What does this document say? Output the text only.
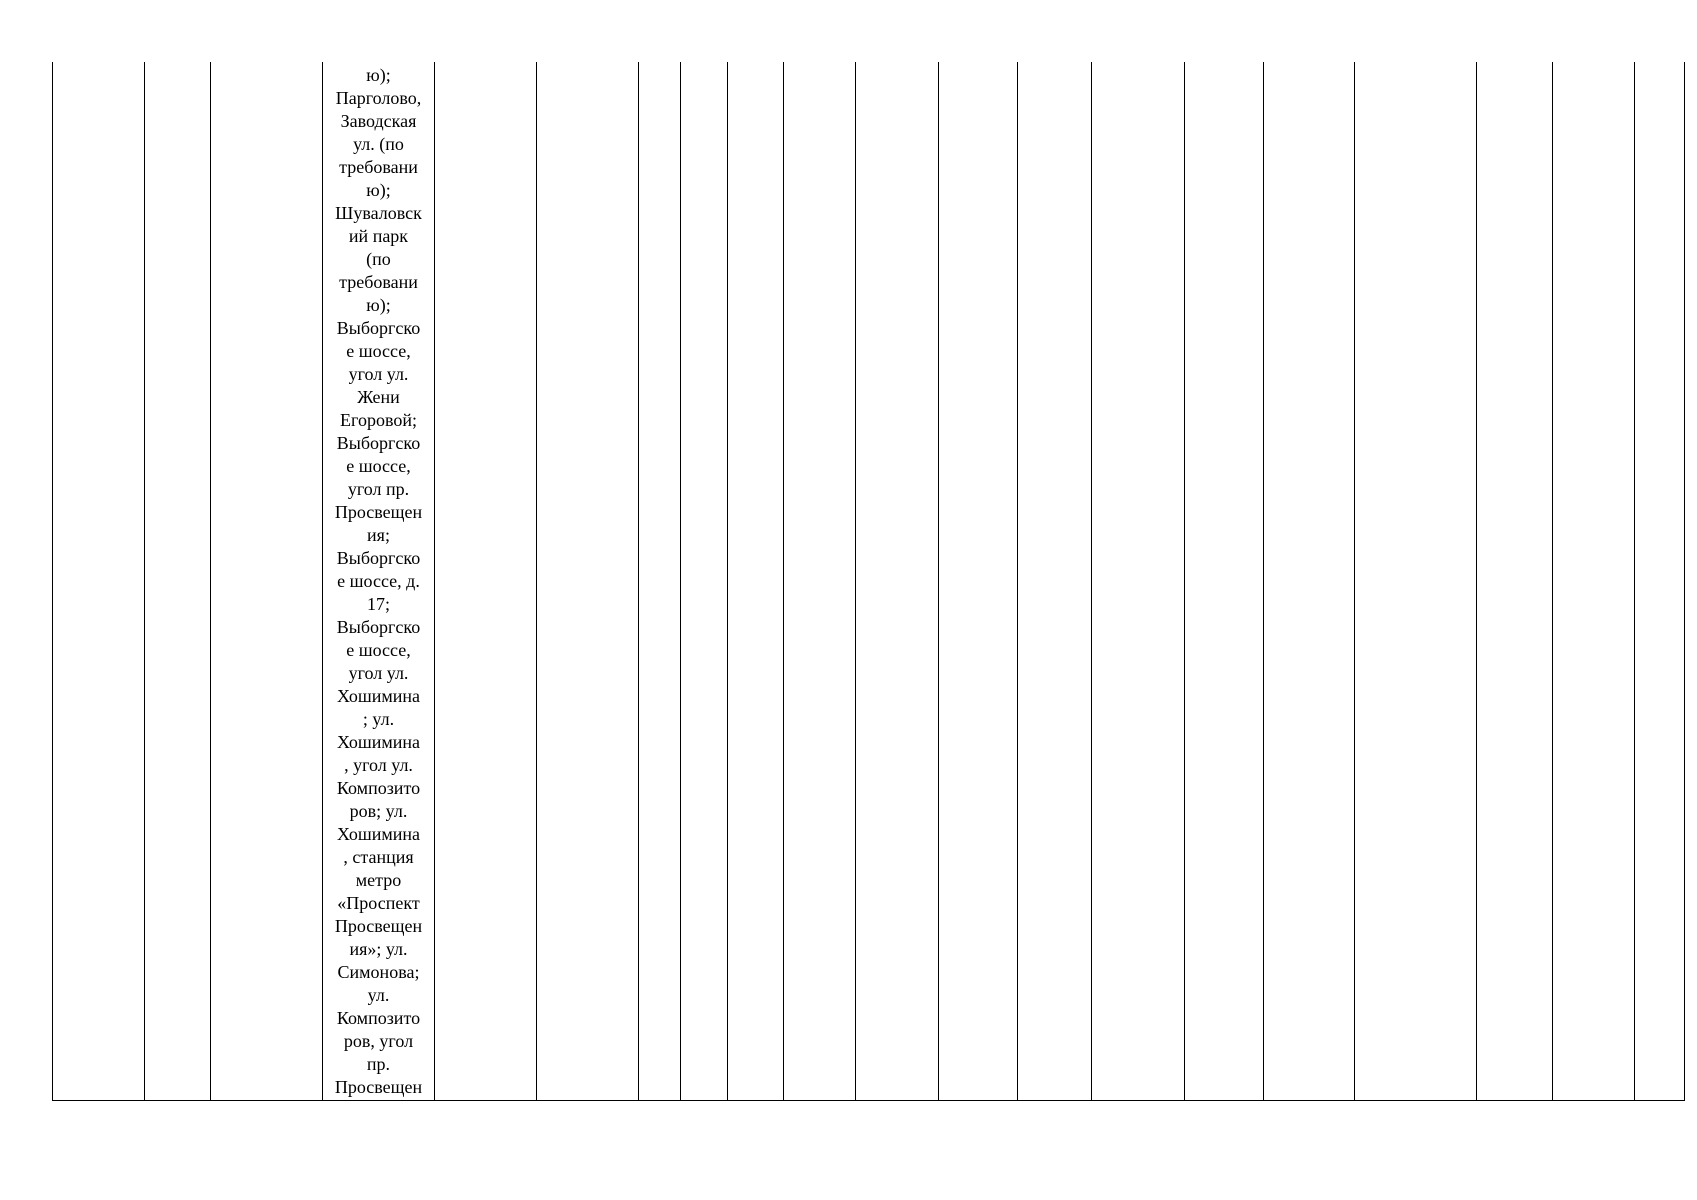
ю);
Парголово,
Заводская
ул. (по
требовани
ю);
Шуваловск
ий парк
(по
требовани
ю);
Выборгско
е шоссе,
угол ул.
Жени
Егоровой;
Выборгско
е шоссе,
угол пр.
Просвещен
ия;
Выборгско
е шоссе, д.
17;
Выборгско
е шоссе,
угол ул.
Хошимина
; ул.
Хошимина
, угол ул.
Композито
ров; ул.
Хошимина
, станция
метро
«Проспект
Просвещен
ия»; ул.
Симонова;
ул.
Композито
ров, угол
пр.
Просвещен
